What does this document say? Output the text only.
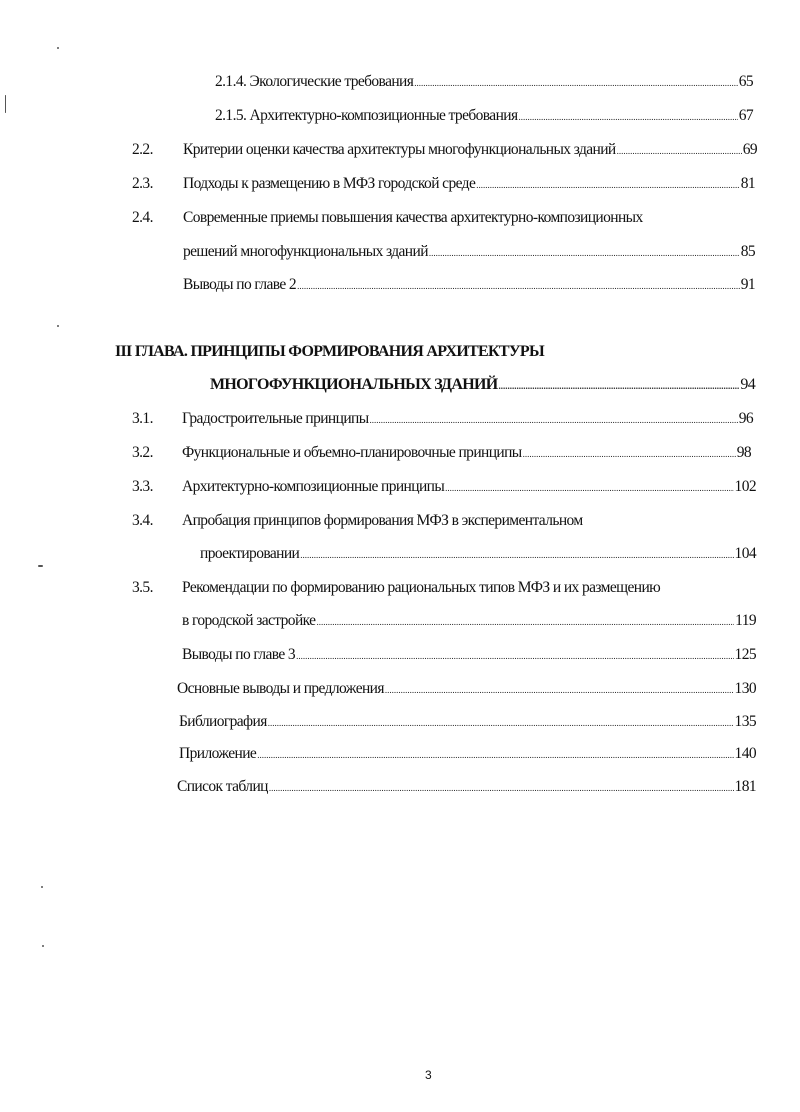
2.1.4. Экологические требования .....	65
2.1.5. Архитектурно-композиционные требования .....	67
2.2. Критерии оценки качества архитектуры многофункциональных зданий .....	69
2.3. Подходы к размещению в МФЗ городской среде .....	81
2.4. Современные приемы повышения качества архитектурно-композиционных
решений многофункциональных зданий .....	85
Выводы по главе 2 .....	91
III ГЛАВА. ПРИНЦИПЫ ФОРМИРОВАНИЯ АРХИТЕКТУРЫ
МНОГОФУНКЦИОНАЛЬНЫХ ЗДАНИЙ .....	94
3.1. Градостроительные принципы .....	96
3.2. Функциональные и объемно-планировочные принципы .....	98
3.3. Архитектурно-композиционные принципы .....	102
3.4. Апробация принципов формирования МФЗ в экспериментальном
проектировании .....	104
3.5. Рекомендации по формированию рациональных типов МФЗ и их размещению
в городской застройке .....	119
Выводы по главе 3 .....	125
Основные выводы и предложения .....	130
Библиография .....	135
Приложение .....	140
Список таблиц .....	181
3
